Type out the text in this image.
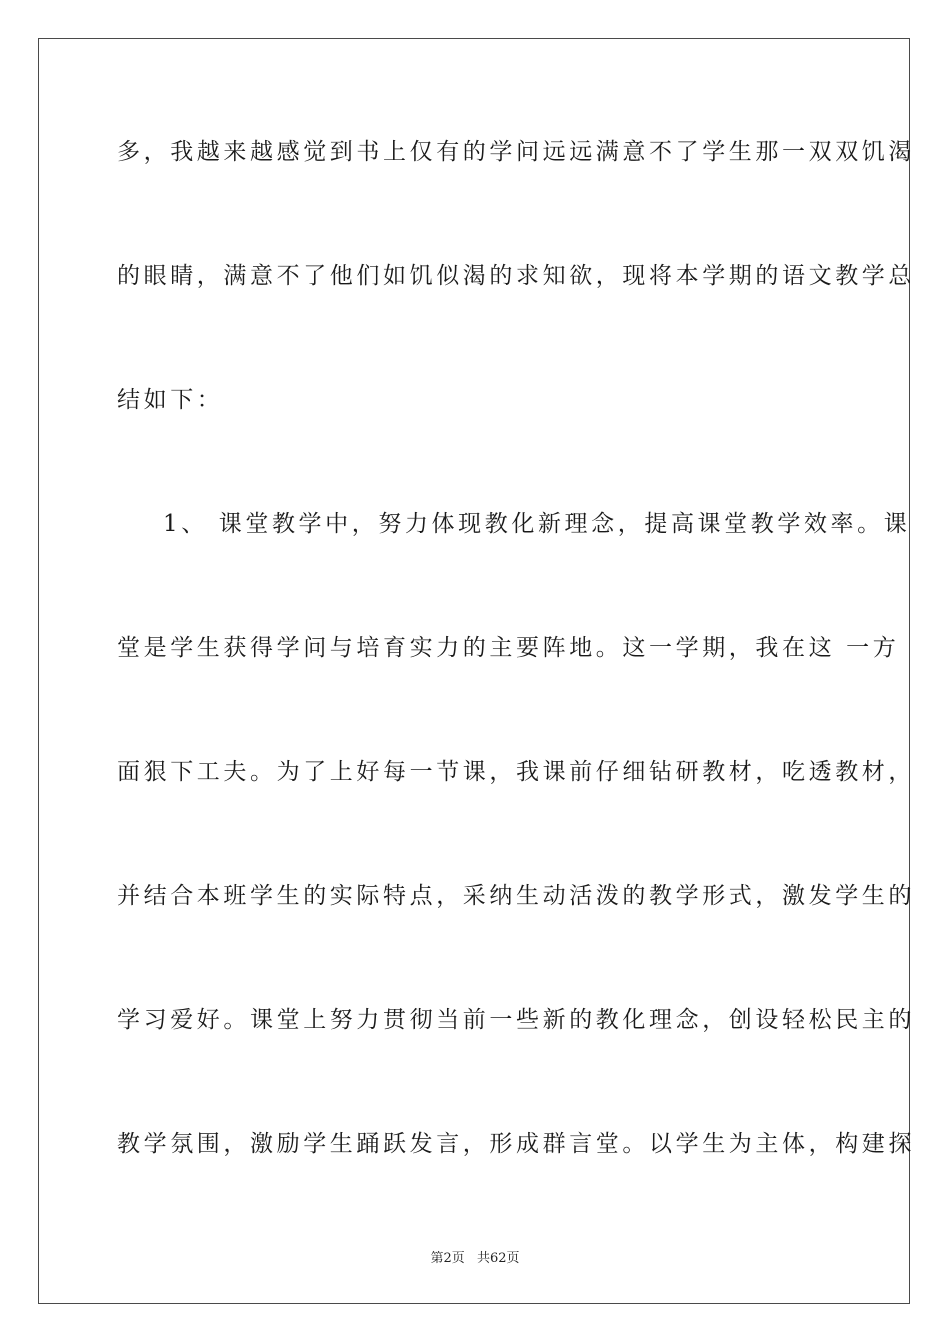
多，我越来越感觉到书上仅有的学问远远满意不了学生那一双双饥渴
的眼睛，满意不了他们如饥似渴的求知欲，现将本学期的语文教学总
结如下：
1、 课堂教学中，努力体现教化新理念，提高课堂教学效率。课
堂是学生获得学问与培育实力的主要阵地。这一学期，我在这 一方
面狠下工夫。为了上好每一节课，我课前仔细钻研教材，吃透教材，
并结合本班学生的实际特点，采纳生动活泼的教学形式，激发学生的
学习爱好。课堂上努力贯彻当前一些新的教化理念，创设轻松民主的
教学氛围，激励学生踊跃发言，形成群言堂。以学生为主体，构建探
第2页 共62页
